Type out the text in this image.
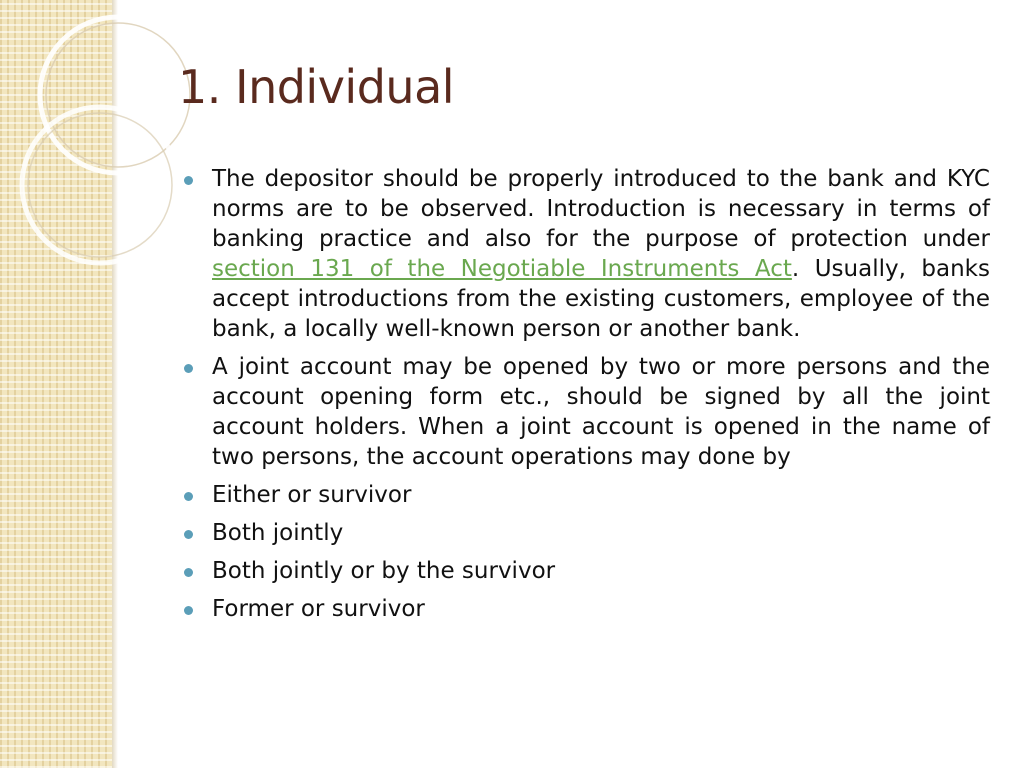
1. Individual
The depositor should be properly introduced to the bank and KYC norms are to be observed. Introduction is necessary in terms of banking practice and also for the purpose of protection under section 131 of the Negotiable Instruments Act. Usually, banks accept introductions from the existing customers, employee of the bank, a locally well-known person or another bank.
A joint account may be opened by two or more persons and the account opening form etc., should be signed by all the joint account holders. When a joint account is opened in the name of two persons, the account operations may done by
Either or survivor
Both jointly
Both jointly or by the survivor
Former or survivor
